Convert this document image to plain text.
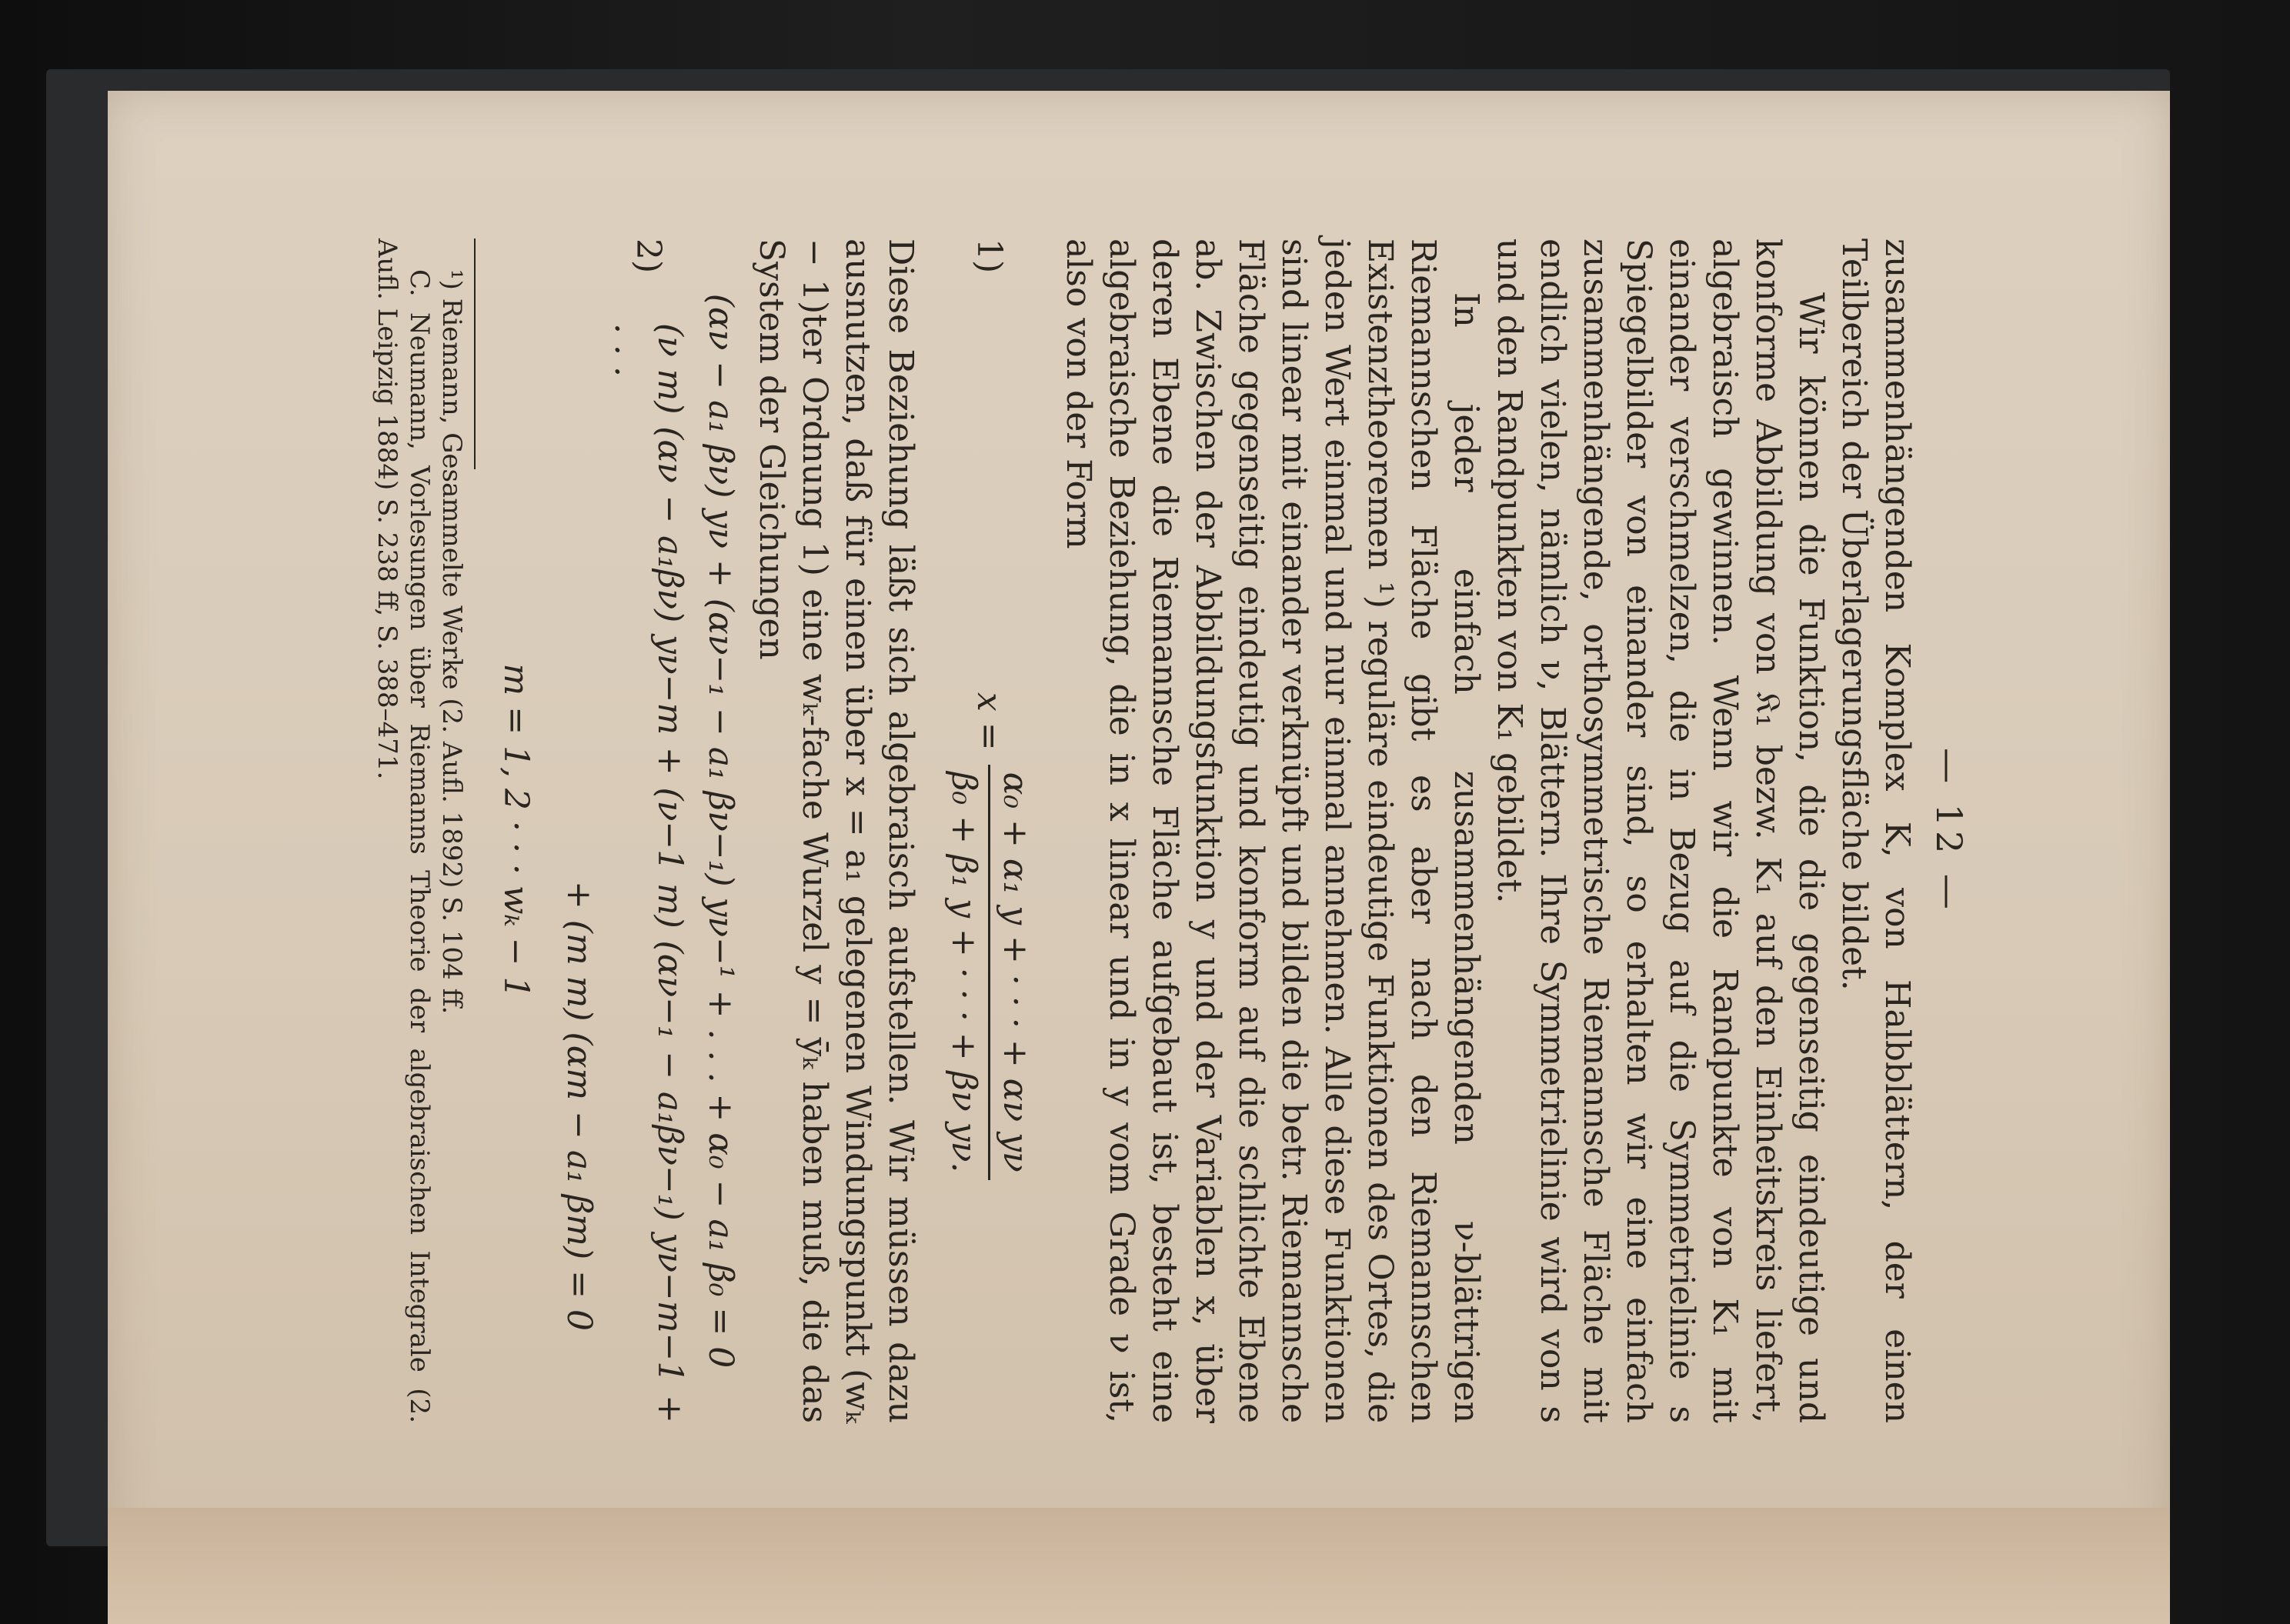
— 12 —

zusammenhängenden Komplex K, von Halbblättern, der einen Teilbereich der Überlagerungsfläche bildet.

Wir können die Funktion, die die gegenseitig eindeutige und konforme Abbildung von 𝔎₁ bezw. K₁ auf den Einheitskreis liefert, algebraisch gewinnen. Wenn wir die Randpunkte von K₁ mit einander verschmelzen, die in Bezug auf die Symmetrielinie s Spiegelbilder von einander sind, so erhalten wir eine einfach zusammenhängende, orthosymmetrische Riemannsche Fläche mit endlich vielen, nämlich ν, Blättern. Ihre Symmetrielinie wird von s und den Randpunkten von K₁ gebildet.

In jeder einfach zusammenhängenden ν-blättrigen Riemannschen Fläche gibt es aber nach den Riemannschen Existenztheoremen ¹) reguläre eindeutige Funktionen des Ortes, die jeden Wert einmal und nur einmal annehmen. Alle diese Funktionen sind linear mit einander verknüpft und bilden die betr. Riemannsche Fläche gegenseitig eindeutig und konform auf die schlichte Ebene ab. Zwischen der Abbildungsfunktion y und der Variablen x, über deren Ebene die Riemannsche Fläche aufgebaut ist, besteht eine algebraische Beziehung, die in x linear und in y vom Grade ν ist, also von der Form

1)
x =
α₀ + α₁ y + · · · + αν yν
β₀ + β₁ y + · · · + βν yν.

Diese Beziehung läßt sich algebraisch aufstellen. Wir müssen dazu ausnutzen, daß für einen über x = a₁ gelegenen Windungspunkt (wₖ − 1)ter Ordnung 1) eine wₖ-fache Wurzel y = ȳₖ haben muß, die das System der Gleichungen

(αν − a₁ βν) yν + (αν−₁ − a₁ βν−₁) yν−¹ + . . . + α₀ − a₁ β₀ = 0
2)
(ν m) (αν − a₁βν) yν−m + (ν−1 m) (αν−₁ − a₁βν−₁) yν−m−1 + . . .
+ (m m) (αm − a₁ βm) = 0
m = 1, 2 · · · wₖ − 1

¹) Riemann, Gesammelte Werke (2. Aufl. 1892) S. 104 ff.

C. Neumann, Vorlesungen über Riemanns Theorie der algebraischen Integrale (2. Aufl. Leipzig 1884) S. 238 ff, S. 388–471.
